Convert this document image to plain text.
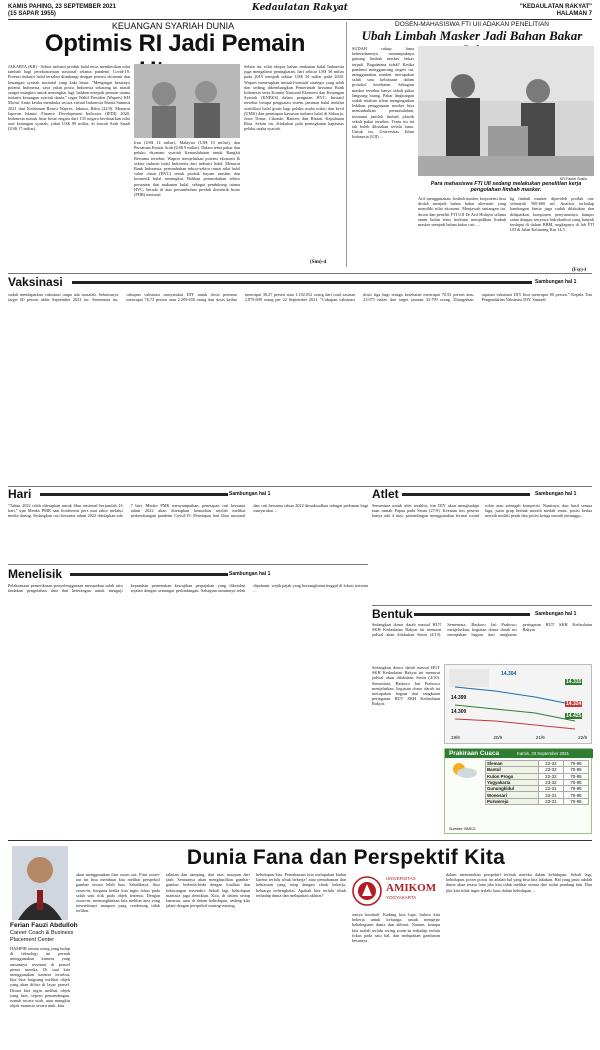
KAMIS PAHING, 23 SEPTEMBER 2021
(15 SAPAR 1955)
Kedaulatan Rakyat	"KEDAULATAN RAKYAT"
HALAMAN 7
KEUANGAN SYARIAH DUNIA
Optimis RI Jadi Pemain

JAKARTA (KR) - Sektor industri produk halal terus memberikan nilai tambah bagi perekonomian nasional selama pandemi Covid-19. Potensi industri halal tersebut diimbangi dengan potensi ekonomi dan keuangan syariah nasional yang kaki besar. "Mengingat besarnya potensi Indonesia, saya yakin posisi Indonesia sekarang ini masih sangat mungkin untuk meningkat lagi, bahkan menjadi pemain utama industri keuangan syariah dunia," tegas Wakil Presiden (Wapres) KH Ma'ruf Amin ketika membuka secara virtual Indonesia Sharia Summit 2021 dari Kediaman Resmi Wapres, Jakarta, Rabu (22/9). Menurut laporan Islamic Finance Development Indicator (IFDI) 2020, Indonesia masuk lima besar negara dari 135 negara berdasarkan nilai aset keuangan syariah, yakni US$ 99 miliar, di bawah Arab Saudi (US$ 17 miliar),

Iran (US$ 14 miliar), Malaysia (US$ 10 miliar), dan Persatuan Emirat Arab (US$ 9 miliar). Dalam tema pakar dan peluko ekonomi syariah Kemaslahatan untuk Bangkit Bersama tersebut, Wapres menjelaskan potensi ekonomi & sektor industri halal Indonesia dari industri halal. Menurut Bank Indonesia, pertumbuhan sektor-sektor rantai nilai halal value chain (HVC) untuk produk bayam muslim dan kosmetik halal meningkat. Bahkan pertumbuhan sektor pertanian dan makanan halal, sebagai pendukung utama HVC, berada di atas pertumbuhan produk domestik bruto (PDB) nasional.

Selain itu, nilai ekspor bahan makanan halal Indonesia juga mengalami peningkatan, dari sekitar US$ 30 miliar pada 2019 menjadi sekitar US$ 34 miliar pada 2020. Wapres menerapkan inisiatif-inisiatif strategis yang telah dan sedang dikembangkan Pemerintah bersama Bank Indonesia serta Komite Nasional Ekonomi dan Keuangan Syariah (KNEKS) dalam pengutan HVC. Inisiatif tersebut berupa penguatan sistem jaminan halal melalui sertifikasi halal gratis bagi pelaku usaha mikro dan kecil (UMK) dan penetapan kawasan industri halal di Sidoarjo, Jawa Timur; Cikande, Banten; dan Bintan, Kepulauan Riau. Selain itu, dilakukan pula peningkatan kapasitas pelaku usaha syariah.

(Sim)-d
DOSEN-MAHASISWA FTI UII ADAKAN PENELITIAN
Ubah Limbah Masker Jadi Bahan Bakar

SUDAH cukup lama keberadaannya menumpuknya gunung limbah masker bekas terjadi. Bagaimana tidak? Ketika pandemi mengguncang negeri ini, menggunakan masker merupakan salah satu kebiasaan dalam protokol kesehatan. Sebagian masker tersebut hanya sekali pakai langsung buang. Pakar lingkungan sudah setahun silam mengingatkan ledakan penggunaan masker bisa menimbulkan permasalahan, terutama jumlah limbah plastik sekali pakai tersebut. Tentu itu ini tak boleh dibiarkan terlalu lama. Untuk itu, Universitas Islam Indonesia (UII) ...

KR-Fachri Susilo
Para mahasiswa FTI UII sedang melakukan penelitian kerja pengolahan limbah masker.

Arif menggunakan, limbah masker berpotensi bisa diolah menjadi bahan bakar alternatif yang memiliki nilai ekonomi. Menjawab tantangan itu, dosen dan peneliti FTI UII Dr Arif Hidayat selama enam bulan terus berkutat menjadikan limbah masker menjadi bahan bakar cair. ...

kg limbah masker diperoleh produk cair sebanyak 500-600 ml. Analisis terhadap kandungan kimia juga sudah dilakukan dan didapatkan komponen penyusunnya hampir sama dengan senyawa hidrokarbon yang banyak terdapat di dalam BBM, ungkapnya di lab FTI UII di Jalan Kaliurang Km 14,5.

(Fsy)-f
Vaksinasi	Sambungan hal 1

sudah mendapatkan vaksinasi tanpa ada masalah. Seharusnya target 60 persen akhir September 2021 ini. Sementara itu, cakupan vaksinasi masyarakat DIY untuk dosis pertama mencapai 76,73 persen atau 2.209.650 orang dan dosis kedua mencapai 38,27 persen atau 1.102.052 orang dari total sasaran 2.879.699 orang per 22 September 2021. "Cakupan vaksinasi dosis tiga bagi tenaga kesehatan mencapai 70,92 persen atau 23.971 nakes dari target sasaran 33.799 orang. Ditargetkan capaian vaksinasi DIY bisa mencapai 80 persen." Kepala Tim Pengendalian Vaksinasi DIY, Sumadi.

Hari	Sambungan hal 1

"Tahun 2022 telah ditetapkan untuk libur nasional berjumlah 16 hari," ujar Menko PMK saat konferensi pers usai rakor melalui media daring. Sedangkan cuti bersama tahun 2022 ditetapkan ada 7 hari. Menko PMK menyampaikan, penetapan cuti bersama tahun 2022 akan ditetapkan kemudian setelah melihat perkembangan pandemi Covid-19. Penetapan hari libur nasional dan cuti bersama tahun 2022 dimaksudkan sebagai pedoman bagi masyarakat ...

Atlet	Sambungan hal 1

Sementara untuk atlet terakhir, tim DIY akan menghadapi tuan rumah Papua pada Senin (27/9). Keenam tim peserta hanya ada 4 nasi, pertandingan menggunakan format round robin atau setengah kompetisi. Nantinya, dari hasil semua laga, juara grup berhak meraih medali emas, posisi kedua meraih medali perak dan posisi ketiga meraih perunggu.

Menelisik	Sambungan hal 1

Pelaksanaan pemeriksaan penyelenggaraan merupakan salah satu tindakan pengolahan data dan keterangan untuk menguji kepatuhan pemenuhan kewajiban perpajakan yang diketahui sejalan dengan semangat perlindungan. Sebagian umumnya telah dipahami, wajib pajak yang bersangkutan tinggal di lokasi tertentu ...

Bentuk	Sambungan hal 1

Sedangkan donor darah massal HUT SKH Kedaulatan Rakyat ini menurut jadwal akan dilakukan Senin (4/10). Sementara, Baskoro Jati Prabowo menjelaskan, kegiatan donor darah ini merupakan bagian dari rangkaian peringatan HUT SKH Kedaulatan Rakyat.

Sedangkan donor darah massal HUT SKH Kedaulatan Rakyat ini menurut jadwal akan dilakukan Senin (4/10). Sementara, Baskoro Jati Prabowo menjelaskan, kegiatan donor darah ini merupakan bagian dari rangkaian peringatan HUT SKH Kedaulatan Rakyat.

14.304
14.315
14.399
14.300
14.324
14.425
19/9	20/9	21/9	22/9
Prakiraan Cuaca	Kamis, 23 September 2021
Sleman	22-32	70-95
Bantul	22-32	70-95
Kulon Progo	22-32	70-95
Yogyakarta	23-32	70-95
Gunungkidul	22-31	70-95
Wonosari	22-31	70-95
Purworejo	23-31	70-95
Sumber: BMKG
Dunia Fana dan Perspektif Kita
Ferian Fauzi Abdulloh
Career Coach & Business
Placement Center
UNIVERSITAS
AMIKOM
YOGYAKARTA

HAMPIR semua orang yang hidup di teknologi ini pernah menggunakan kamera yang umumnya tersemat di ponsel pintar mereka. Di saat kita menggunakan kamera tersebut, kita bisa langsung melihat objek yang akan difoto di layar ponsel. Disaat kita ingin melihat objek yang luas, seperti pemandangan, rumah secara utuh, atau mungkin objek manusia secara utuh, kita

akan menggunakan fitur zoom out. Fitur zoom-out ini bisa membuat kita melihat perspektif gambar secara lebih luas. Sebaliknya, fitur zoom-in, berguna ketika kita ingin fokus pada salah satu titik pada objek tertentu. Dengan zoom-in, memungkinkan kita melihat area yang tersembunyi maupun yang cenderung tidak terlihat.

takutan dan samping, dari atas, maupun dari jauh. Semuanya akan menghasilkan gambar-gambar berbeda-beda dengan kualitas dan kekurangan tersendiri. Sekali lagi, kehidupan manusia juga demikian. Kita, di dalam setiap lamaran, atau di dalam kehidupan, sedang kita jalani dengan perspektif masing-masing.

kehidupan kita. Pemahaman kita melupakan badan karena terlalu sibuk bekerja? atau pemahaman dan kebiasaan yang tetap dengan sibuk bekerja, keluarga terbengkalai. Apakah kita terlalu sibuk terhadap dunia dan melupakan akhirat?

ounya kembali. Kadang kita lupa, bahwa kita bekerja untuk keluarga, untuk mengejar kebahagiaan dunia dan akhirat. Namun, kenapa kita malah terlalu sering zoom-in terhadap terlalu fokus pada satu hal, dan melupakan gambaran besarnya.

dalam menemukan perspektif terbaik mereka dalam kehidupan. Sekali lagi, kehidupan, potret posisi ini adalah hal yang bisa kita lakukan. Hal yang pasti adalah dunia akan terasa fana jika kita tidak melihat semua dari sudut pandang lain. Dan jika kita tidak ingin terlalu larut dalam kehidupan ...
